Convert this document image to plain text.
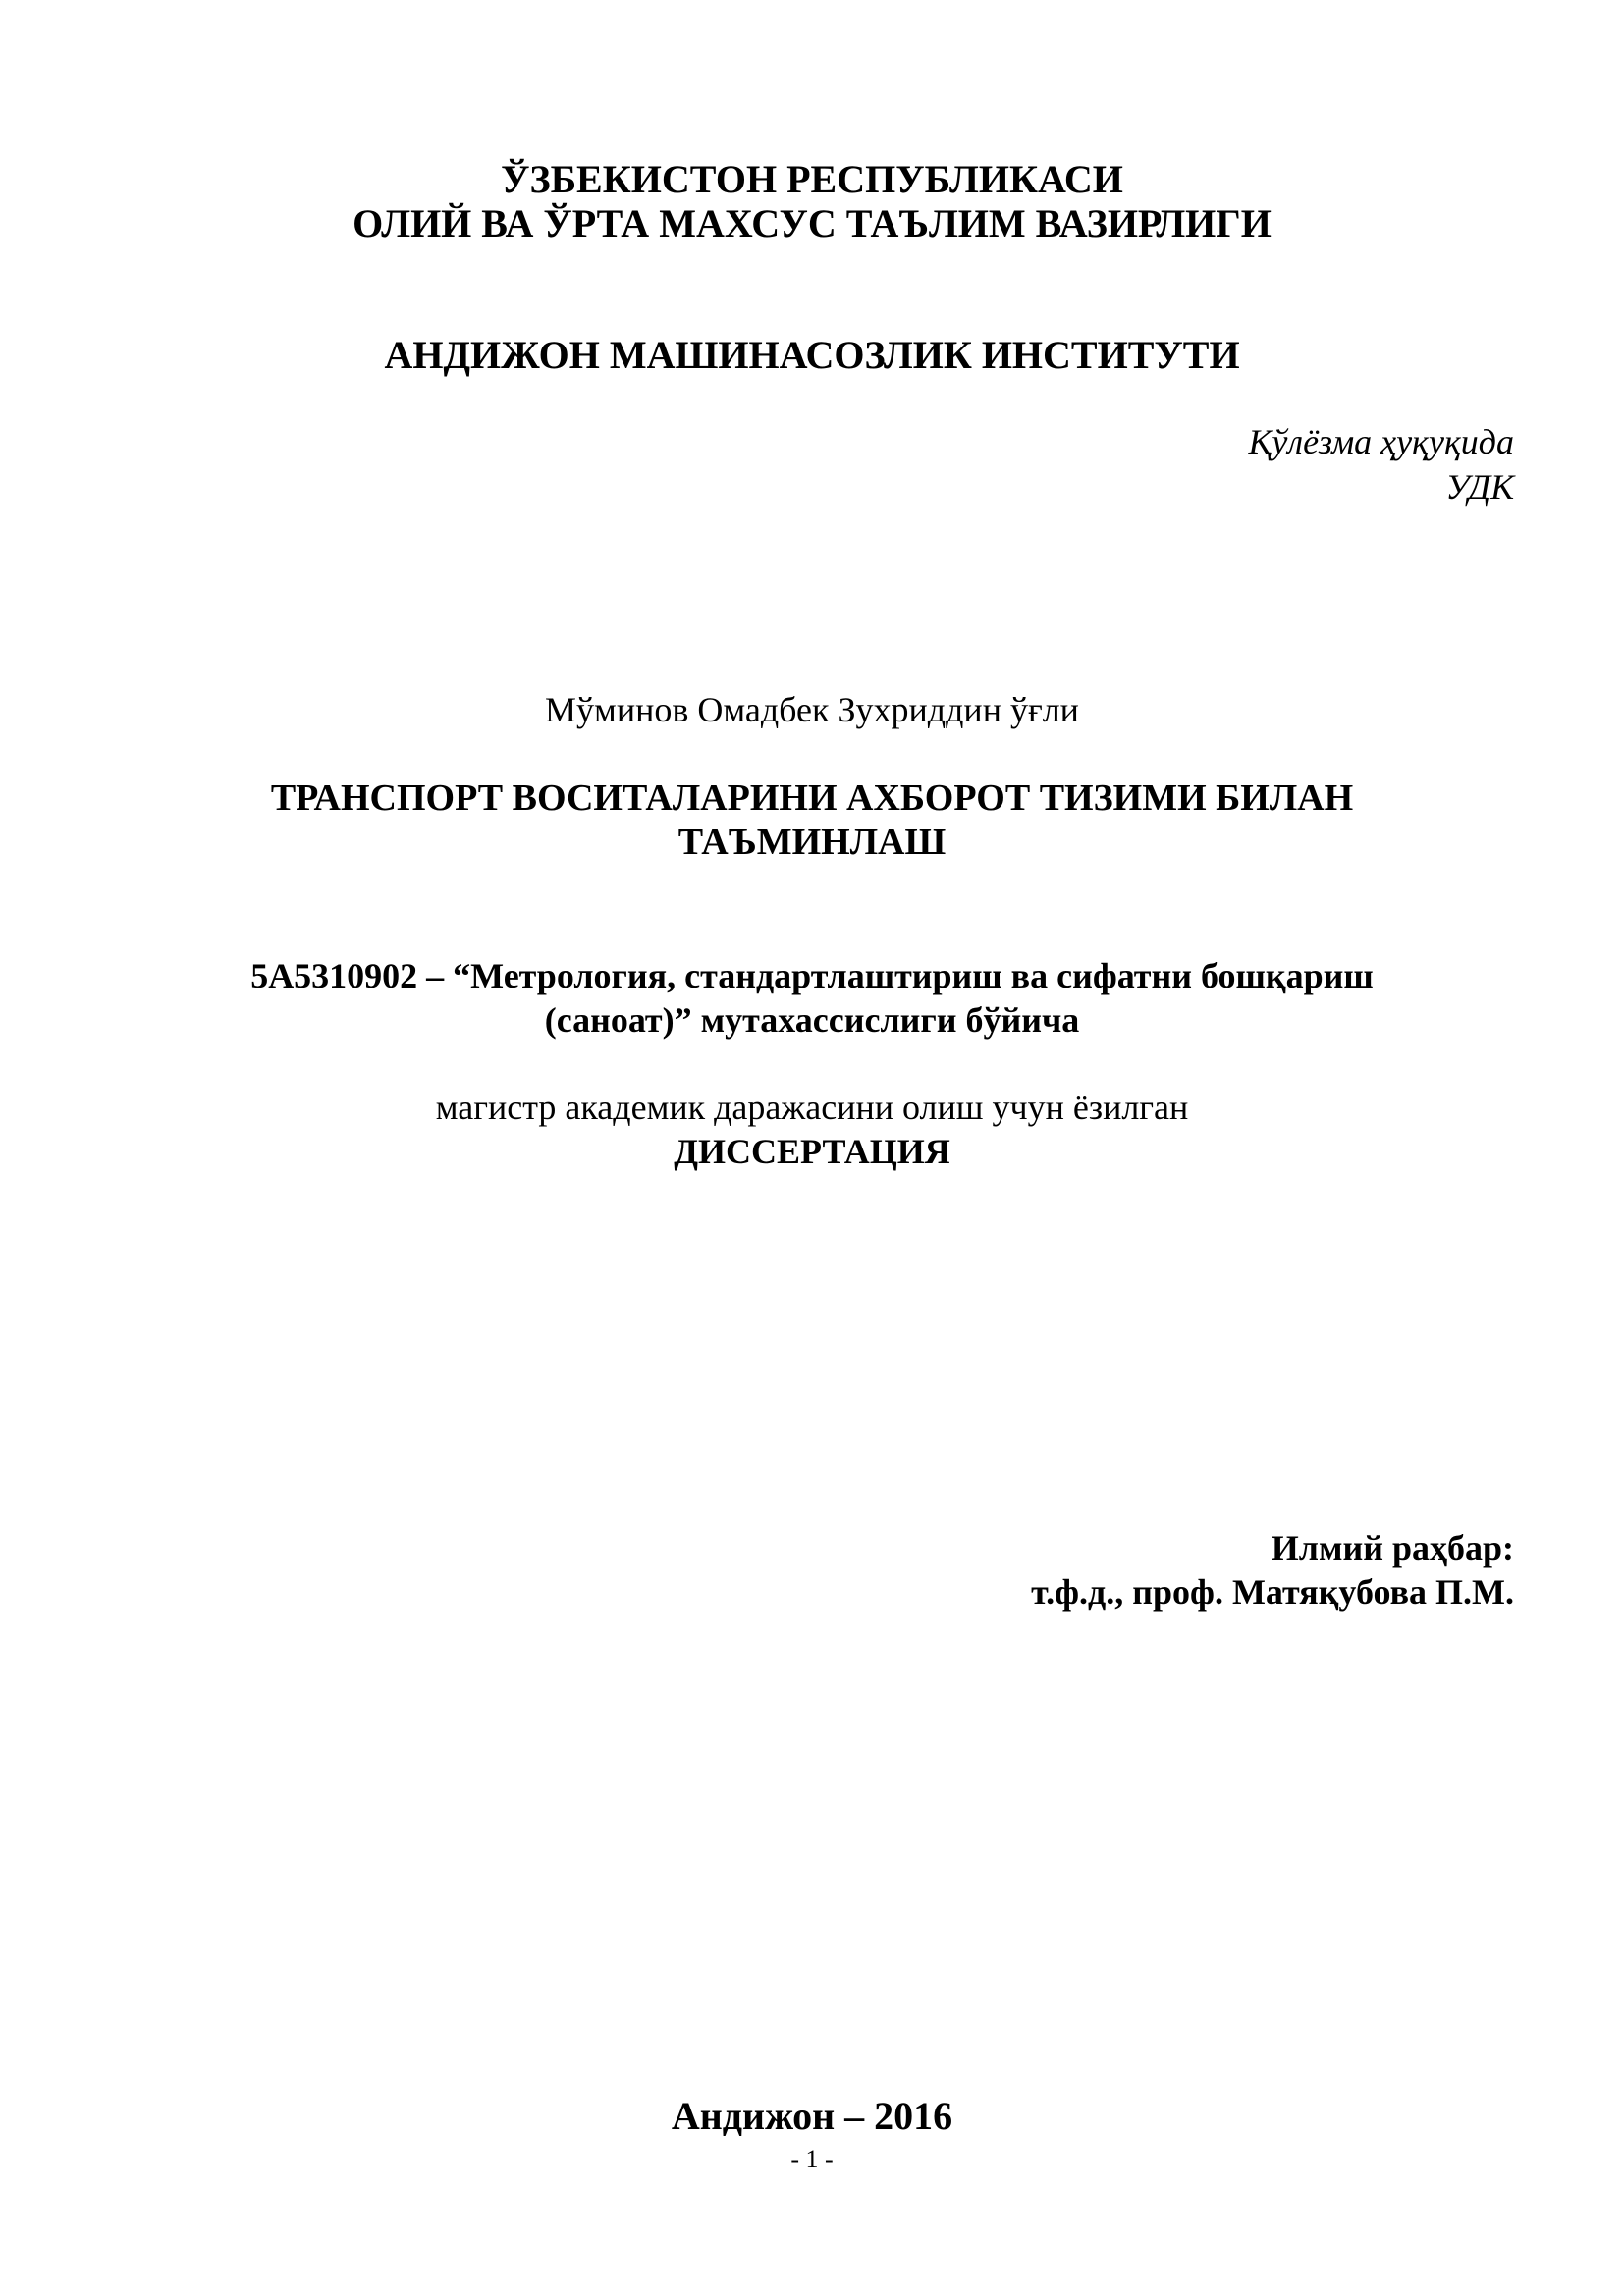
ЎЗБЕКИСТОН РЕСПУБЛИКАСИ
ОЛИЙ ВА ЎРТА МАХСУС ТАЪЛИМ ВАЗИРЛИГИ
АНДИЖОН МАШИНАСОЗЛИК ИНСТИТУТИ
Қўлёзма ҳуқуқида
УДК
Мўминов Омадбек Зухриддин ўғли
ТРАНСПОРТ ВОСИТАЛАРИНИ АХБОРОТ ТИЗИМИ БИЛАН
ТАЪМИНЛАШ
5А5310902 – “Метрология, стандартлаштириш ва сифатни бошқариш
(саноат)” мутахассислиги бўйича
магистр академик даражасини олиш учун ёзилган
ДИССЕРТАЦИЯ
Илмий раҳбар:
т.ф.д., проф. Матяқубова П.М.
Андижон – 2016
- 1 -
